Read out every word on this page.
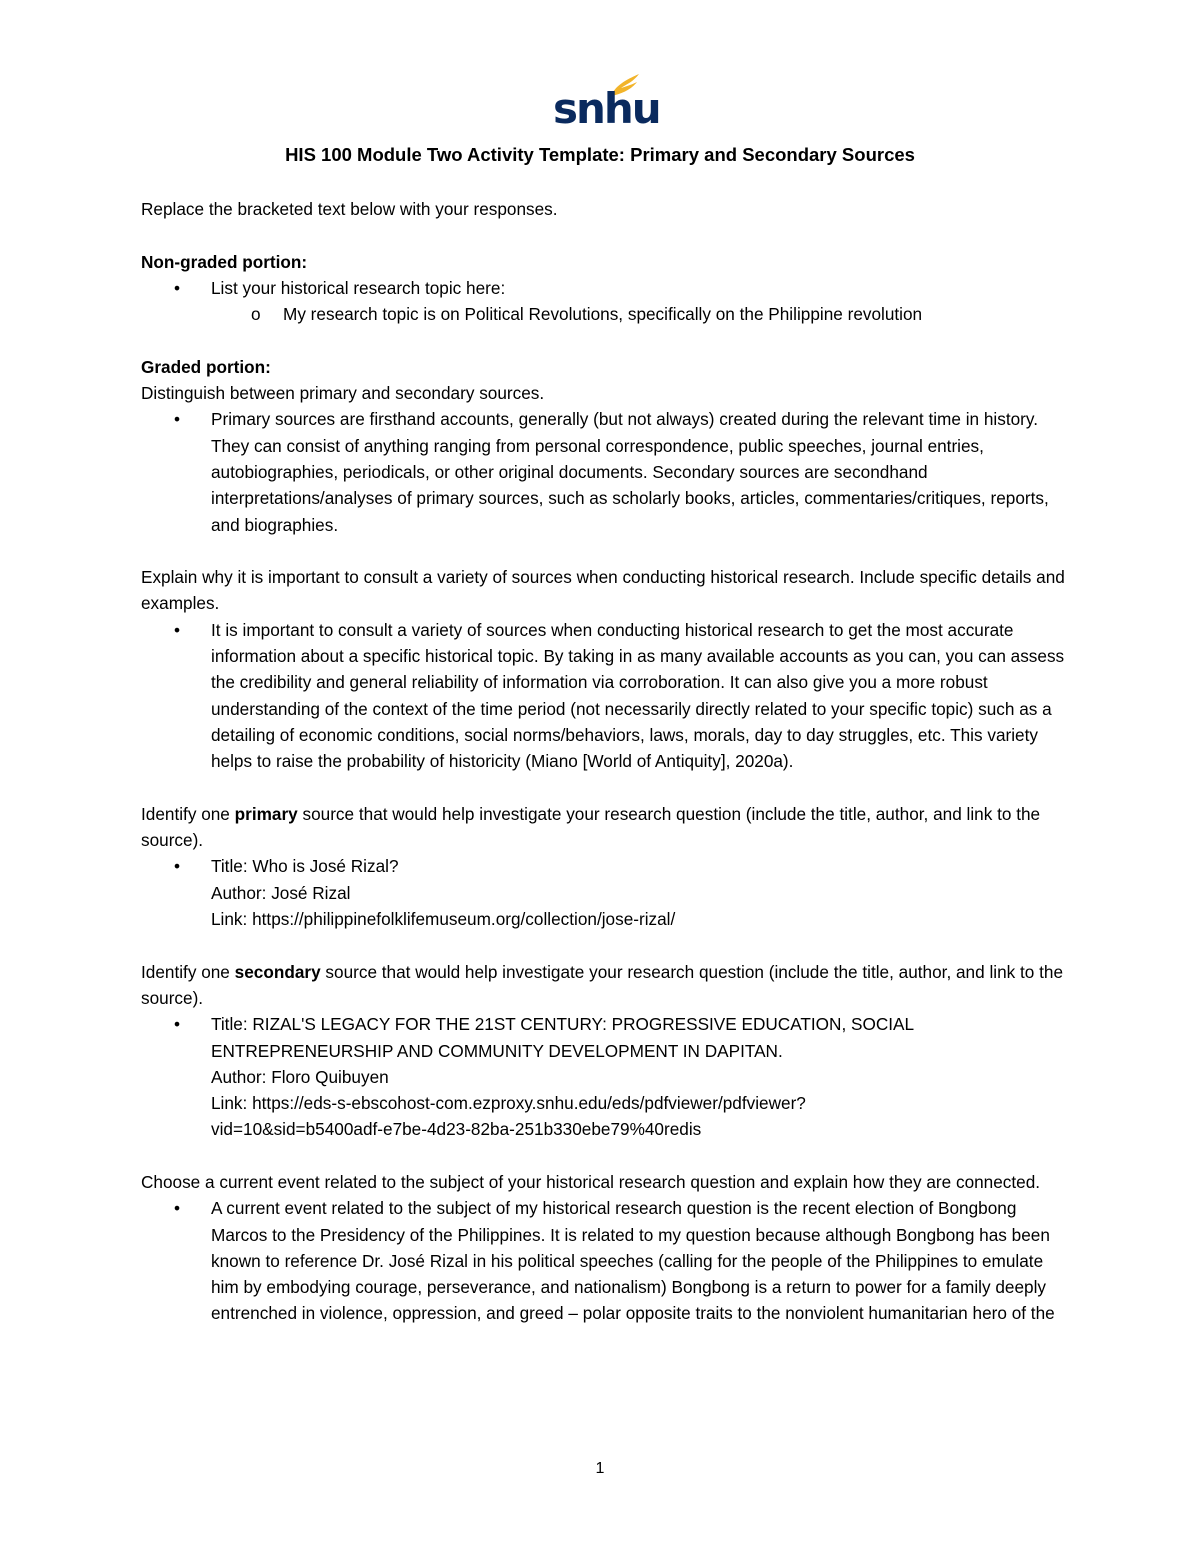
snhu
HIS 100 Module Two Activity Template: Primary and Secondary Sources

Replace the bracketed text below with your responses.

Non-graded portion:

• List your historical research topic here:

o My research topic is on Political Revolutions, specifically on the Philippine revolution

Graded portion:

Distinguish between primary and secondary sources.

• Primary sources are firsthand accounts, generally (but not always) created during the relevant time in history. They can consist of anything ranging from personal correspondence, public speeches, journal entries, autobiographies, periodicals, or other original documents. Secondary sources are secondhand interpretations/analyses of primary sources, such as scholarly books, articles, commentaries/critiques, reports, and biographies.

Explain why it is important to consult a variety of sources when conducting historical research. Include specific details and examples.

• It is important to consult a variety of sources when conducting historical research to get the most accurate information about a specific historical topic. By taking in as many available accounts as you can, you can assess the credibility and general reliability of information via corroboration. It can also give you a more robust understanding of the context of the time period (not necessarily directly related to your specific topic) such as a detailing of economic conditions, social norms/behaviors, laws, morals, day to day struggles, etc. This variety helps to raise the probability of historicity (Miano [World of Antiquity], 2020a).

Identify one primary source that would help investigate your research question (include the title, author, and link to the source).

• Title: Who is José Rizal?

Author: José Rizal

Link: https://philippinefolklifemuseum.org/collection/jose-rizal/

Identify one secondary source that would help investigate your research question (include the title, author, and link to the source).

• Title: RIZAL'S LEGACY FOR THE 21ST CENTURY: PROGRESSIVE EDUCATION, SOCIAL ENTREPRENEURSHIP AND COMMUNITY DEVELOPMENT IN DAPITAN.

Author: Floro Quibuyen

Link: https://eds-s-ebscohost-com.ezproxy.snhu.edu/eds/pdfviewer/pdfviewer?
vid=10&sid=b5400adf-e7be-4d23-82ba-251b330ebe79%40redis

Choose a current event related to the subject of your historical research question and explain how they are connected.

• A current event related to the subject of my historical research question is the recent election of Bongbong Marcos to the Presidency of the Philippines. It is related to my question because although Bongbong has been known to reference Dr. José Rizal in his political speeches (calling for the people of the Philippines to emulate him by embodying courage, perseverance, and nationalism) Bongbong is a return to power for a family deeply entrenched in violence, oppression, and greed – polar opposite traits to the nonviolent humanitarian hero of the

1
